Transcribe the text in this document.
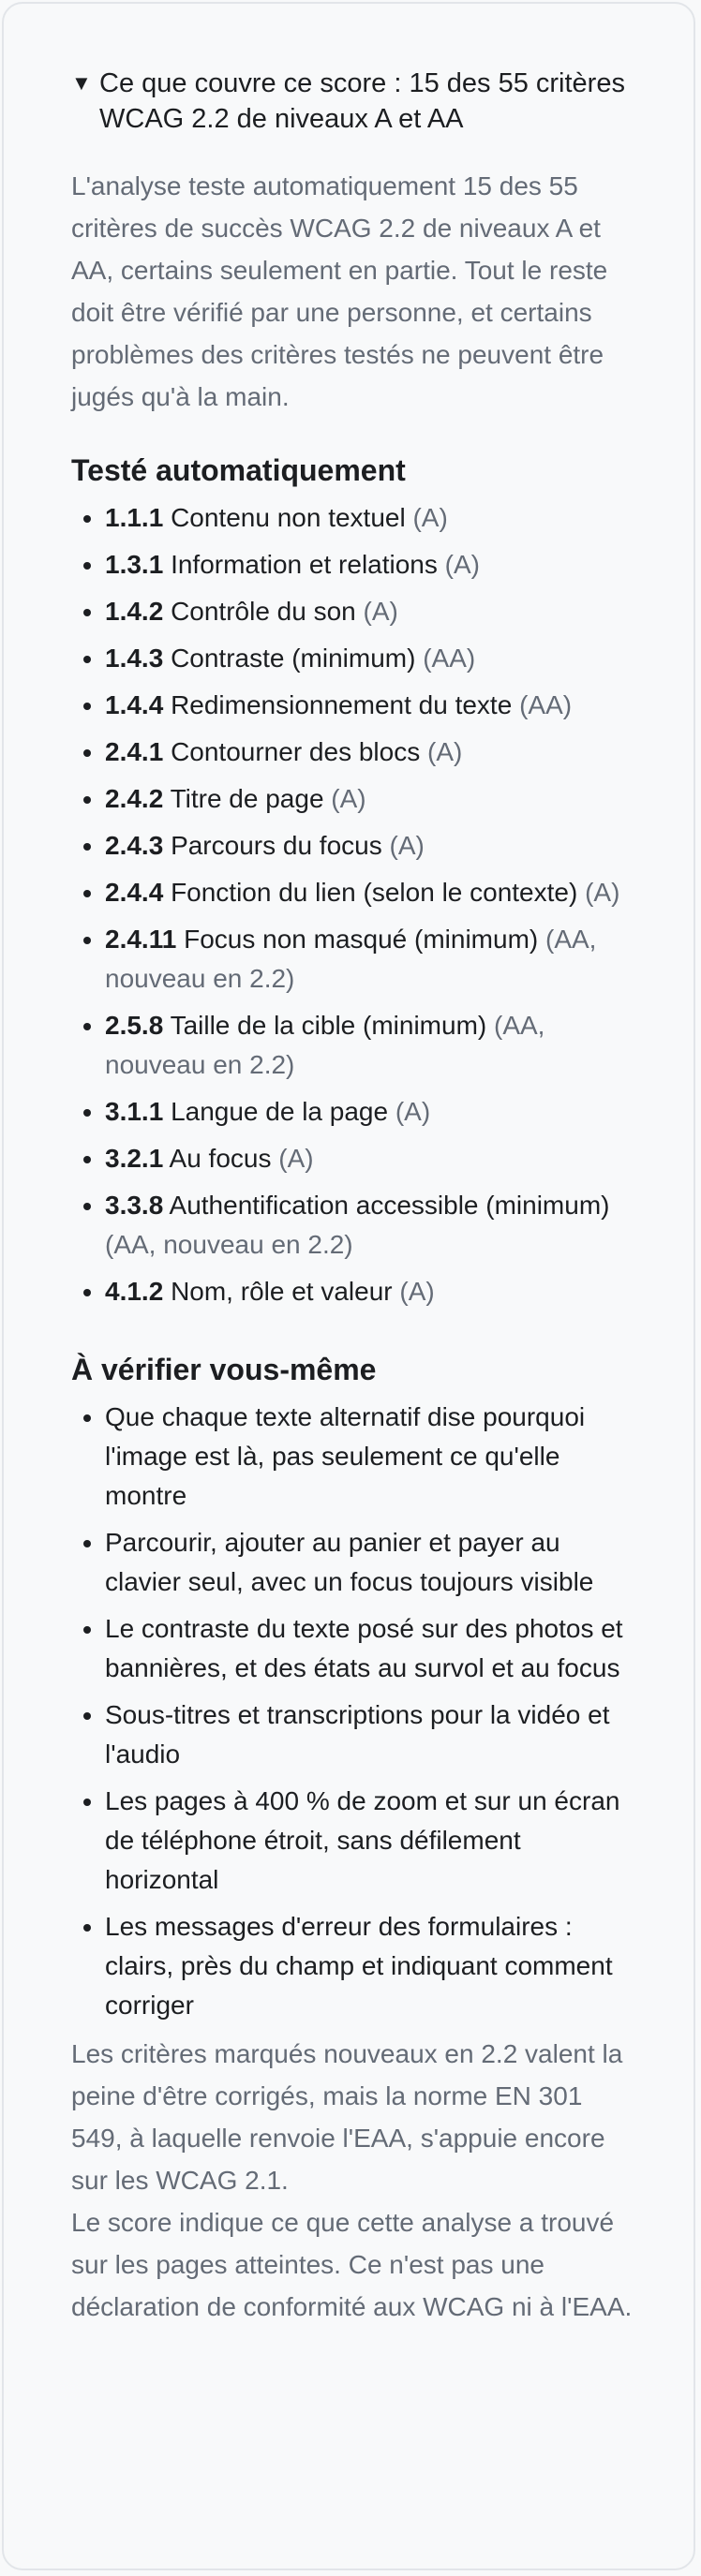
▼ Ce que couvre ce score : 15 des 55 critères WCAG 2.2 de niveaux A et AA

L'analyse teste automatiquement 15 des 55 critères de succès WCAG 2.2 de niveaux A et AA, certains seulement en partie. Tout le reste doit être vérifié par une personne, et certains problèmes des critères testés ne peuvent être jugés qu'à la main.

Testé automatiquement
• 1.1.1 Contenu non textuel (A)
• 1.3.1 Information et relations (A)
• 1.4.2 Contrôle du son (A)
• 1.4.3 Contraste (minimum) (AA)
• 1.4.4 Redimensionnement du texte (AA)
• 2.4.1 Contourner des blocs (A)
• 2.4.2 Titre de page (A)
• 2.4.3 Parcours du focus (A)
• 2.4.4 Fonction du lien (selon le contexte) (A)
• 2.4.11 Focus non masqué (minimum) (AA, nouveau en 2.2)
• 2.5.8 Taille de la cible (minimum) (AA, nouveau en 2.2)
• 3.1.1 Langue de la page (A)
• 3.2.1 Au focus (A)
• 3.3.8 Authentification accessible (minimum) (AA, nouveau en 2.2)
• 4.1.2 Nom, rôle et valeur (A)
À vérifier vous-même
• Que chaque texte alternatif dise pourquoi l'image est là, pas seulement ce qu'elle montre
• Parcourir, ajouter au panier et payer au clavier seul, avec un focus toujours visible
• Le contraste du texte posé sur des photos et bannières, et des états au survol et au focus
• Sous-titres et transcriptions pour la vidéo et l'audio
• Les pages à 400 % de zoom et sur un écran de téléphone étroit, sans défilement horizontal
• Les messages d'erreur des formulaires : clairs, près du champ et indiquant comment corriger

Les critères marqués nouveaux en 2.2 valent la peine d'être corrigés, mais la norme EN 301 549, à laquelle renvoie l'EAA, s'appuie encore sur les WCAG 2.1.

Le score indique ce que cette analyse a trouvé sur les pages atteintes. Ce n'est pas une déclaration de conformité aux WCAG ni à l'EAA.
